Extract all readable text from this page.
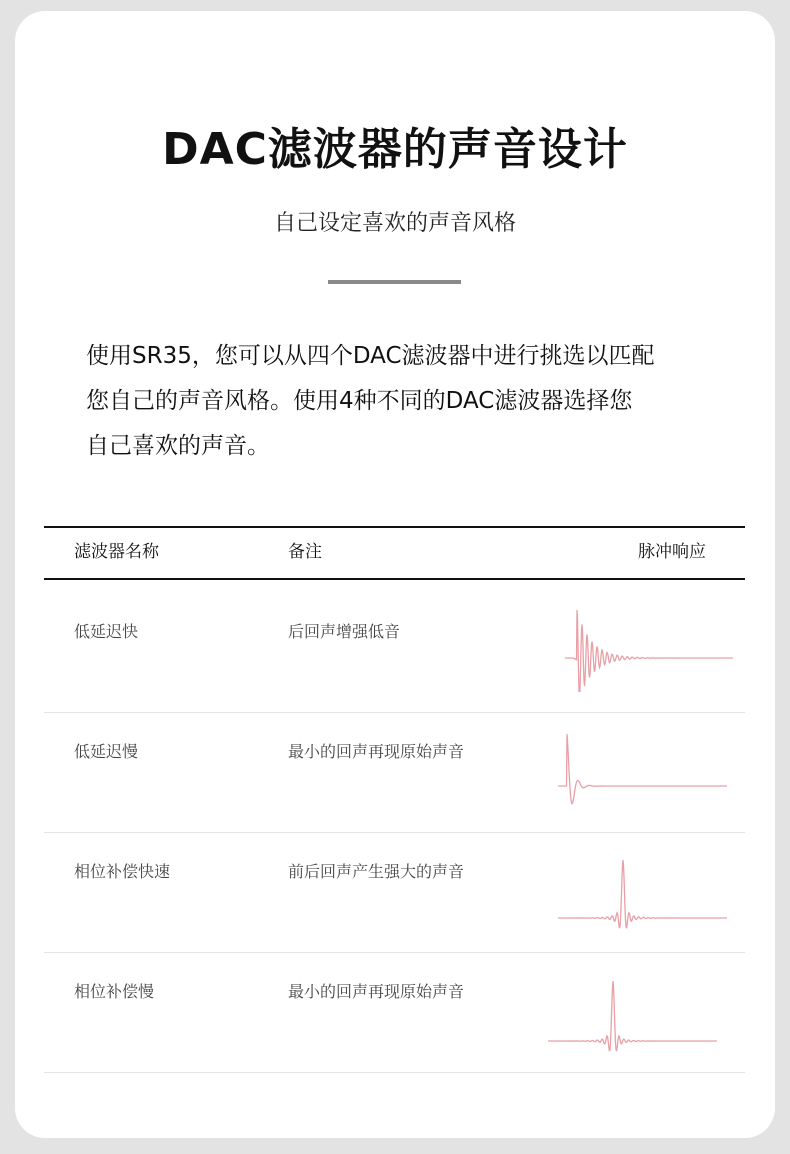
DAC滤波器的声音设计
自己设定喜欢的声音风格
使用SR35，您可以从四个DAC滤波器中进行挑选以匹配
您自己的声音风格。使用4种不同的DAC滤波器选择您
自己喜欢的声音。
滤波器名称	备注	脉冲响应
低延迟快	后回声增强低音
低延迟慢	最小的回声再现原始声音
相位补偿快速	前后回声产生强大的声音
相位补偿慢	最小的回声再现原始声音
